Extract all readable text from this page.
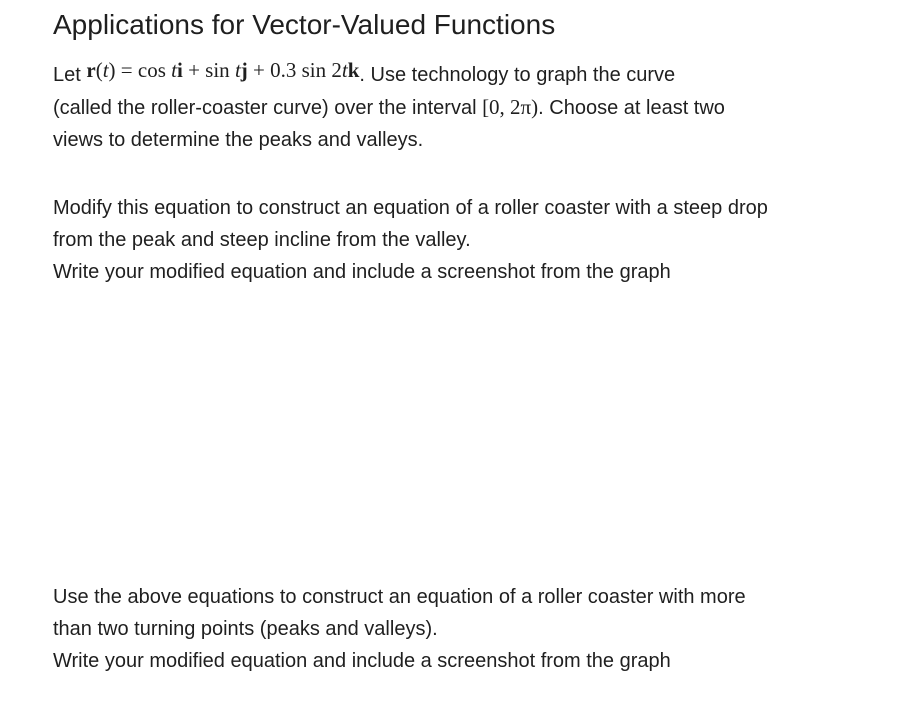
Applications for Vector-Valued Functions

Let r(t) = cos ti + sin tj + 0.3 sin 2tk. Use technology to graph the curve
(called the roller-coaster curve) over the interval [0, 2π). Choose at least two
views to determine the peaks and valleys.

Modify this equation to construct an equation of a roller coaster with a steep drop
from the peak and steep incline from the valley.
Write your modified equation and include a screenshot from the graph

Use the above equations to construct an equation of a roller coaster with more
than two turning points (peaks and valleys).
Write your modified equation and include a screenshot from the graph
